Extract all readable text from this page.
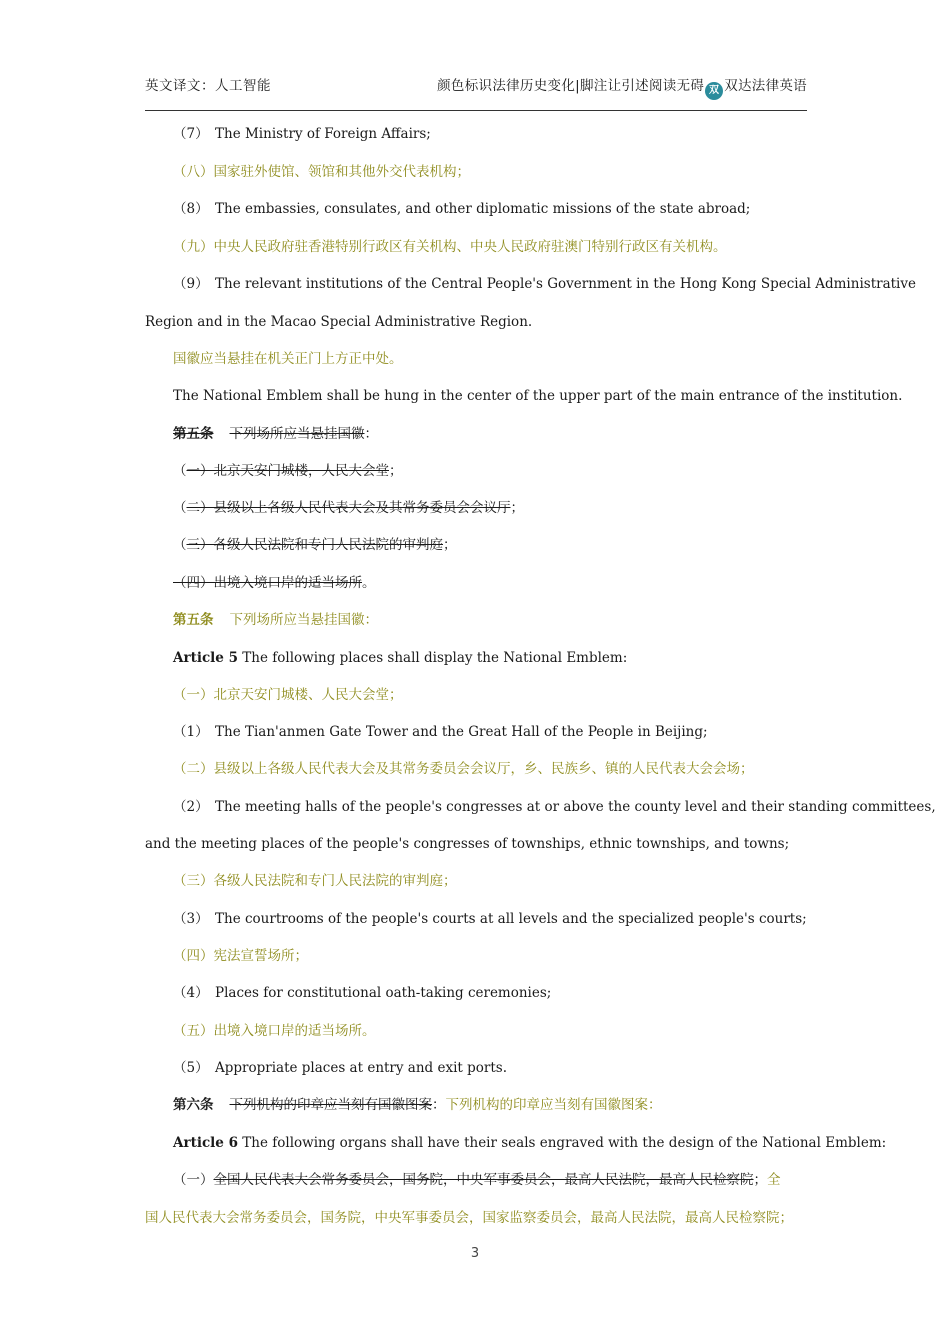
英文译文：人工智能	颜色标识法律历史变化|脚注让引述阅读无碍 双 双达法律英语
（7） The Ministry of Foreign Affairs;
（八）国家驻外使馆、领馆和其他外交代表机构；
（8） The embassies, consulates, and other diplomatic missions of the state abroad;
（九）中央人民政府驻香港特别行政区有关机构、中央人民政府驻澳门特别行政区有关机构。
（9） The relevant institutions of the Central People's Government in the Hong Kong Special Administrative
Region and in the Macao Special Administrative Region.
国徽应当悬挂在机关正门上方正中处。
The National Emblem shall be hung in the center of the upper part of the main entrance of the institution.
第五条 下列场所应当悬挂国徽：
（一）北京天安门城楼，人民大会堂；
（二）县级以上各级人民代表大会及其常务委员会会议厅；
（三）各级人民法院和专门人民法院的审判庭；
（四）出境入境口岸的适当场所。
第五条 下列场所应当悬挂国徽：
Article 5 The following places shall display the National Emblem:
（一）北京天安门城楼、人民大会堂；
（1） The Tian'anmen Gate Tower and the Great Hall of the People in Beijing;
（二）县级以上各级人民代表大会及其常务委员会会议厅，乡、民族乡、镇的人民代表大会会场；
（2） The meeting halls of the people's congresses at or above the county level and their standing committees,
and the meeting places of the people's congresses of townships, ethnic townships, and towns;
（三）各级人民法院和专门人民法院的审判庭；
（3） The courtrooms of the people's courts at all levels and the specialized people's courts;
（四）宪法宣誓场所；
（4） Places for constitutional oath-taking ceremonies;
（五）出境入境口岸的适当场所。
（5） Appropriate places at entry and exit ports.
第六条 下列机构的印章应当刻有国徽图案：下列机构的印章应当刻有国徽图案：
Article 6 The following organs shall have their seals engraved with the design of the National Emblem:
（一）全国人民代表大会常务委员会，国务院，中央军事委员会，最高人民法院，最高人民检察院；全
国人民代表大会常务委员会，国务院，中央军事委员会，国家监察委员会，最高人民法院，最高人民检察院；
3
